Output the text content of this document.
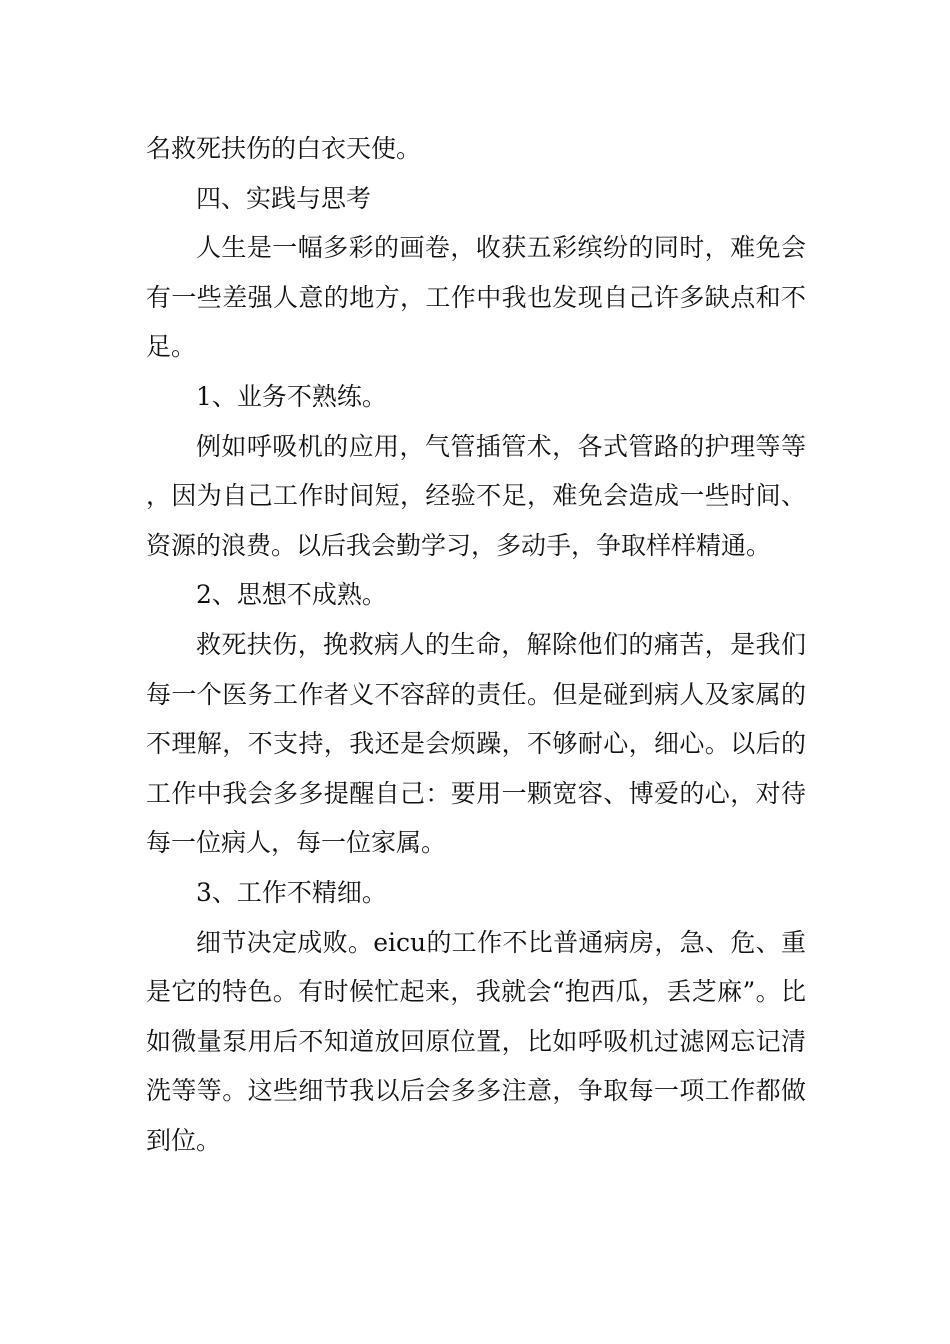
名救死扶伤的白衣天使。

四、实践与思考

人生是一幅多彩的画卷，收获五彩缤纷的同时，难免会有一些差强人意的地方，工作中我也发现自己许多缺点和不足。

1、业务不熟练。

例如呼吸机的应用，气管插管术，各式管路的护理等等，因为自己工作时间短，经验不足，难免会造成一些时间、资源的浪费。以后我会勤学习，多动手，争取样样精通。

2、思想不成熟。

救死扶伤，挽救病人的生命，解除他们的痛苦，是我们每一个医务工作者义不容辞的责任。但是碰到病人及家属的不理解，不支持，我还是会烦躁，不够耐心，细心。以后的工作中我会多多提醒自己：要用一颗宽容、博爱的心，对待每一位病人，每一位家属。

3、工作不精细。

细节决定成败。eicu的工作不比普通病房，急、危、重是它的特色。有时候忙起来，我就会“抱西瓜，丢芝麻”。比如微量泵用后不知道放回原位置，比如呼吸机过滤网忘记清洗等等。这些细节我以后会多多注意，争取每一项工作都做到位。
